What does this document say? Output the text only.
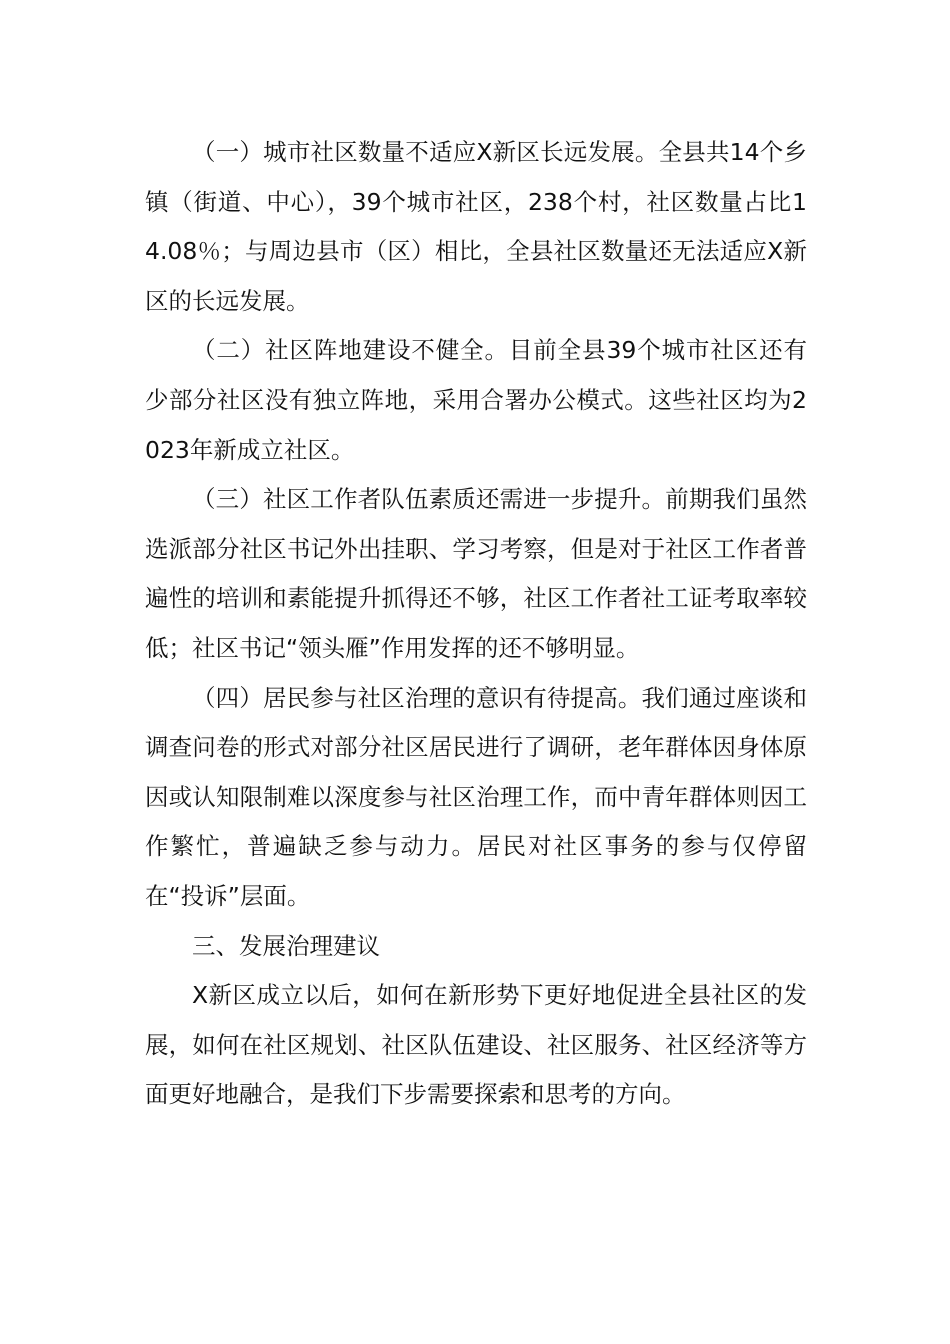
（一）城市社区数量不适应X新区长远发展。全县共14个乡镇（街道、中心），39个城市社区，238个村，社区数量占比14.08％；与周边县市（区）相比，全县社区数量还无法适应X新区的长远发展。

（二）社区阵地建设不健全。目前全县39个城市社区还有少部分社区没有独立阵地，采用合署办公模式。这些社区均为2023年新成立社区。

（三）社区工作者队伍素质还需进一步提升。前期我们虽然选派部分社区书记外出挂职、学习考察，但是对于社区工作者普遍性的培训和素能提升抓得还不够，社区工作者社工证考取率较低；社区书记“领头雁”作用发挥的还不够明显。

（四）居民参与社区治理的意识有待提高。我们通过座谈和调查问卷的形式对部分社区居民进行了调研，老年群体因身体原因或认知限制难以深度参与社区治理工作，而中青年群体则因工作繁忙，普遍缺乏参与动力。居民对社区事务的参与仅停留在“投诉”层面。

三、发展治理建议

X新区成立以后，如何在新形势下更好地促进全县社区的发展，如何在社区规划、社区队伍建设、社区服务、社区经济等方面更好地融合，是我们下步需要探索和思考的方向。
